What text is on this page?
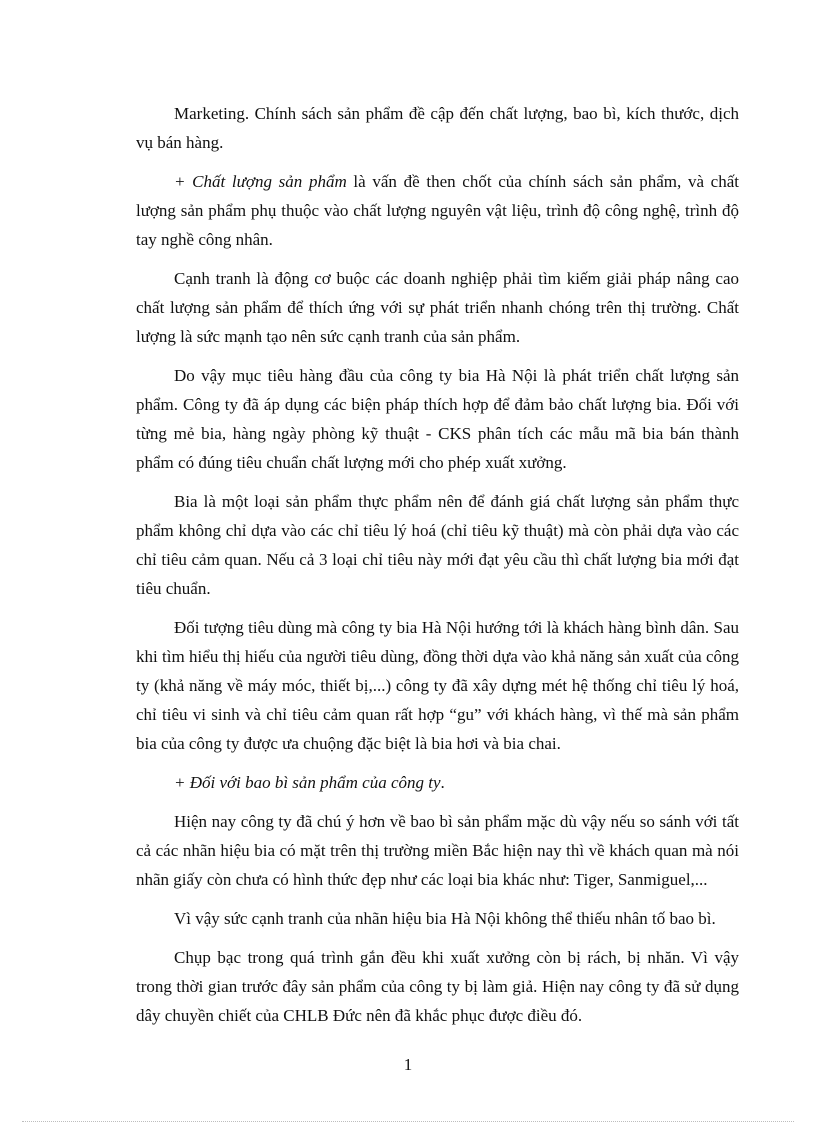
Marketing. Chính sách sản phẩm đề cập đến chất lượng, bao bì, kích thước, dịch vụ bán hàng.

+ Chất lượng sản phẩm là vấn đề then chốt của chính sách sản phẩm, và chất lượng sản phẩm phụ thuộc vào chất lượng nguyên vật liệu, trình độ công nghệ, trình độ tay nghề công nhân.

Cạnh tranh là động cơ buộc các doanh nghiệp phải tìm kiếm giải pháp nâng cao chất lượng sản phẩm để thích ứng với sự phát triển nhanh chóng trên thị trường. Chất lượng là sức mạnh tạo nên sức cạnh tranh của sản phẩm.

Do vậy mục tiêu hàng đầu của công ty bia Hà Nội là phát triển chất lượng sản phẩm. Công ty đã áp dụng các biện pháp thích hợp để đảm bảo chất lượng bia. Đối với từng mẻ bia, hàng ngày phòng kỹ thuật - CKS phân tích các mẫu mã bia bán thành phẩm có đúng tiêu chuẩn chất lượng mới cho phép xuất xưởng.

Bia là một loại sản phẩm thực phẩm nên để đánh giá chất lượng sản phẩm thực phẩm không chỉ dựa vào các chỉ tiêu lý hoá (chỉ tiêu kỹ thuật) mà còn phải dựa vào các chỉ tiêu cảm quan. Nếu cả 3 loại chỉ tiêu này mới đạt yêu cầu thì chất lượng bia mới đạt tiêu chuẩn.

Đối tượng tiêu dùng mà công ty bia Hà Nội hướng tới là khách hàng bình dân. Sau khi tìm hiểu thị hiếu của người tiêu dùng, đồng thời dựa vào khả năng sản xuất của công ty (khả năng về máy móc, thiết bị,...) công ty đã xây dựng mét hệ thống chỉ tiêu lý hoá, chỉ tiêu vi sinh và chỉ tiêu cảm quan rất hợp “gu” với khách hàng, vì thế mà sản phẩm bia của công ty được ưa chuộng đặc biệt là bia hơi và bia chai.

+ Đối với bao bì sản phẩm của công ty.

Hiện nay công ty đã chú ý hơn về bao bì sản phẩm mặc dù vậy nếu so sánh với tất cả các nhãn hiệu bia có mặt trên thị trường miền Bắc hiện nay thì về khách quan mà nói nhãn giấy còn chưa có hình thức đẹp như các loại bia khác như: Tiger, Sanmiguel,...

Vì vậy sức cạnh tranh của nhãn hiệu bia Hà Nội không thể thiếu nhân tố bao bì.

Chụp bạc trong quá trình gắn đều khi xuất xưởng còn bị rách, bị nhăn. Vì vậy trong thời gian trước đây sản phẩm của công ty bị làm giả. Hiện nay công ty đã sử dụng dây chuyền chiết của CHLB Đức nên đã khắc phục được điều đó.

1
